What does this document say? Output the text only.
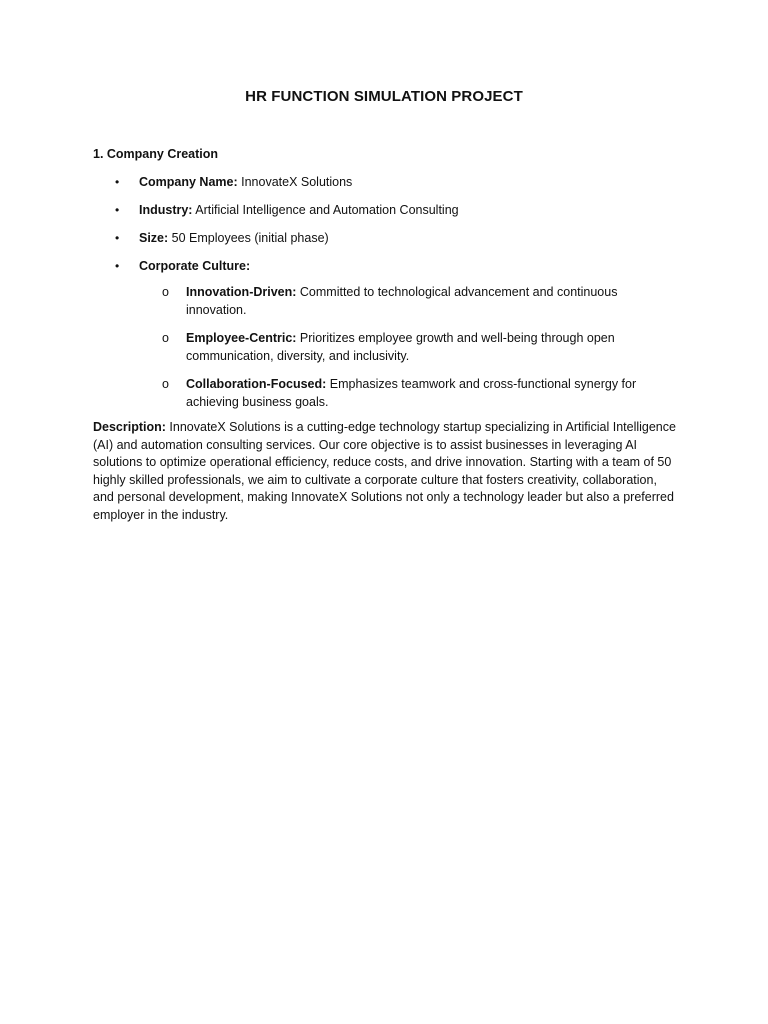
HR FUNCTION SIMULATION PROJECT
1. Company Creation
• Company Name: InnovateX Solutions
• Industry: Artificial Intelligence and Automation Consulting
• Size: 50 Employees (initial phase)
• Corporate Culture:
o Innovation-Driven: Committed to technological advancement and continuous innovation.
o Employee-Centric: Prioritizes employee growth and well-being through open communication, diversity, and inclusivity.
o Collaboration-Focused: Emphasizes teamwork and cross-functional synergy for achieving business goals.

Description: InnovateX Solutions is a cutting-edge technology startup specializing in Artificial Intelligence (AI) and automation consulting services. Our core objective is to assist businesses in leveraging AI solutions to optimize operational efficiency, reduce costs, and drive innovation. Starting with a team of 50 highly skilled professionals, we aim to cultivate a corporate culture that fosters creativity, collaboration, and personal development, making InnovateX Solutions not only a technology leader but also a preferred employer in the industry.
